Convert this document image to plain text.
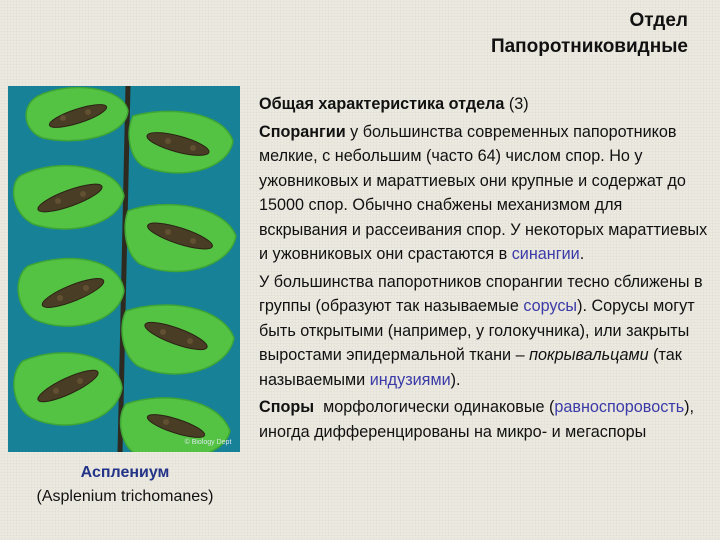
Отдел
Папоротниковидные
© Biology Dept
Асплениум
(Asplenium trichomanes)

Общая характеристика отдела (3)

Спорангии у большинства современных папоротников мелкие, с небольшим (часто 64) числом спор. Но у ужовниковых и мараттиевых они крупные и содержат до 15000 спор. Обычно снабжены механизмом для вскрывания и рассеивания спор. У некоторых мараттиевых и ужовниковых они срастаются в синангии.

У большинства папоротников спорангии тесно сближены в группы (образуют так называемые сорусы). Сорусы могут быть открытыми (например, у голокучника), или закрыты выростами эпидермальной ткани – покрывальцами (так называемыми индузиями).

Споры  морфологически одинаковые (равноспоровость), иногда дифференцированы на микро- и мегаспоры
